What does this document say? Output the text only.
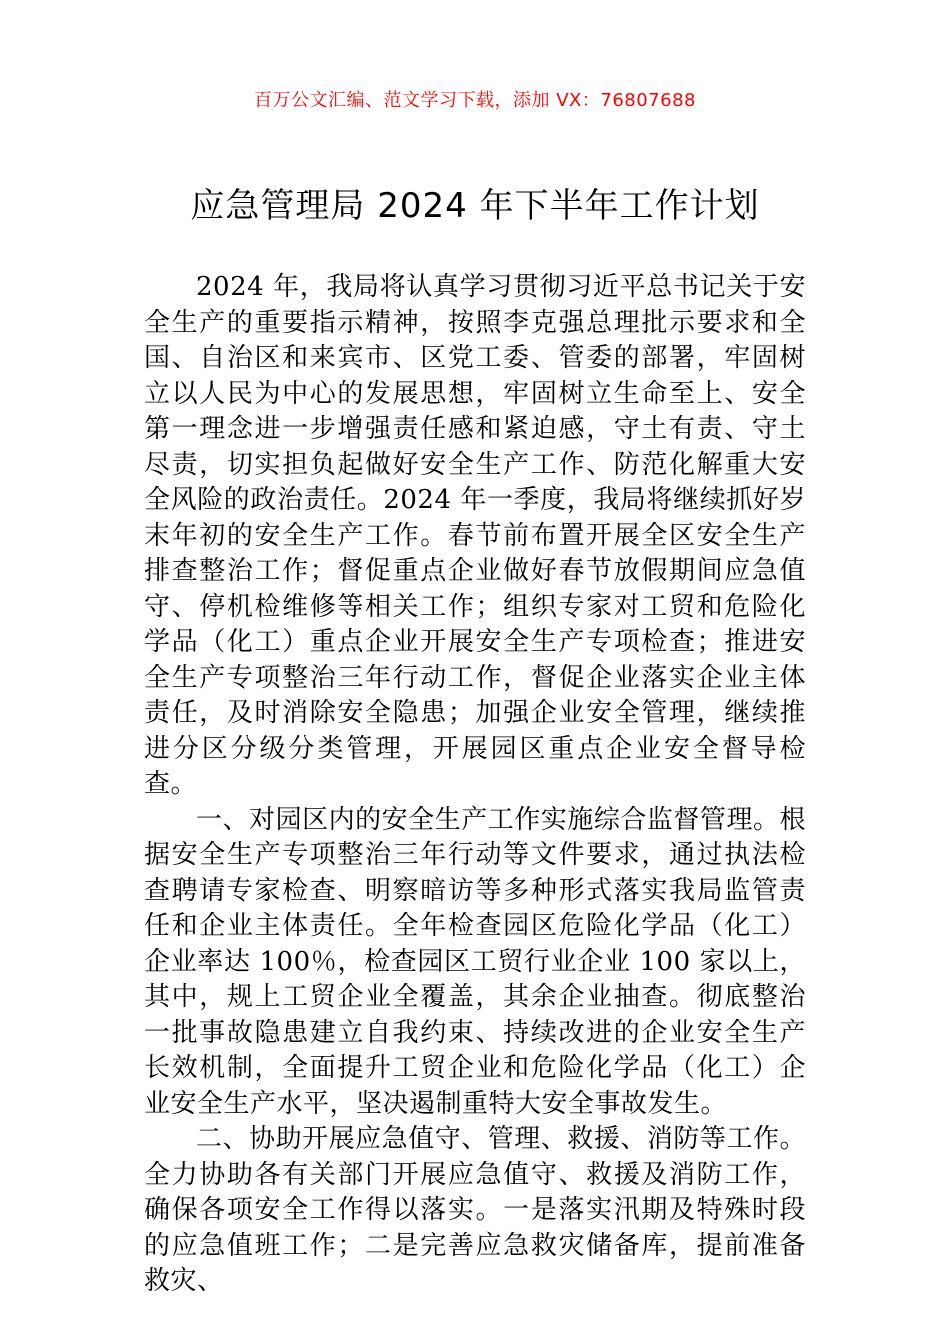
百万公文汇编、范文学习下载，添加 VX：76807688
应急管理局 2024 年下半年工作计划

2024 年，我局将认真学习贯彻习近平总书记关于安全生产的重要指示精神，按照李克强总理批示要求和全国、自治区和来宾市、区党工委、管委的部署，牢固树立以人民为中心的发展思想，牢固树立生命至上、安全第一理念进一步增强责任感和紧迫感，守土有责、守土尽责，切实担负起做好安全生产工作、防范化解重大安全风险的政治责任。2024 年一季度，我局将继续抓好岁末年初的安全生产工作。春节前布置开展全区安全生产排查整治工作；督促重点企业做好春节放假期间应急值守、停机检维修等相关工作；组织专家对工贸和危险化学品（化工）重点企业开展安全生产专项检查；推进安全生产专项整治三年行动工作，督促企业落实企业主体责任，及时消除安全隐患；加强企业安全管理，继续推进分区分级分类管理，开展园区重点企业安全督导检查。

一、对园区内的安全生产工作实施综合监督管理。根据安全生产专项整治三年行动等文件要求，通过执法检查聘请专家检查、明察暗访等多种形式落实我局监管责任和企业主体责任。全年检查园区危险化学品（化工）企业率达 100％，检查园区工贸行业企业 100 家以上，其中，规上工贸企业全覆盖，其余企业抽查。彻底整治一批事故隐患建立自我约束、持续改进的企业安全生产长效机制，全面提升工贸企业和危险化学品（化工）企业安全生产水平，坚决遏制重特大安全事故发生。

二、协助开展应急值守、管理、救援、消防等工作。全力协助各有关部门开展应急值守、救援及消防工作，确保各项安全工作得以落实。一是落实汛期及特殊时段的应急值班工作；二是完善应急救灾储备库，提前准备救灾、
